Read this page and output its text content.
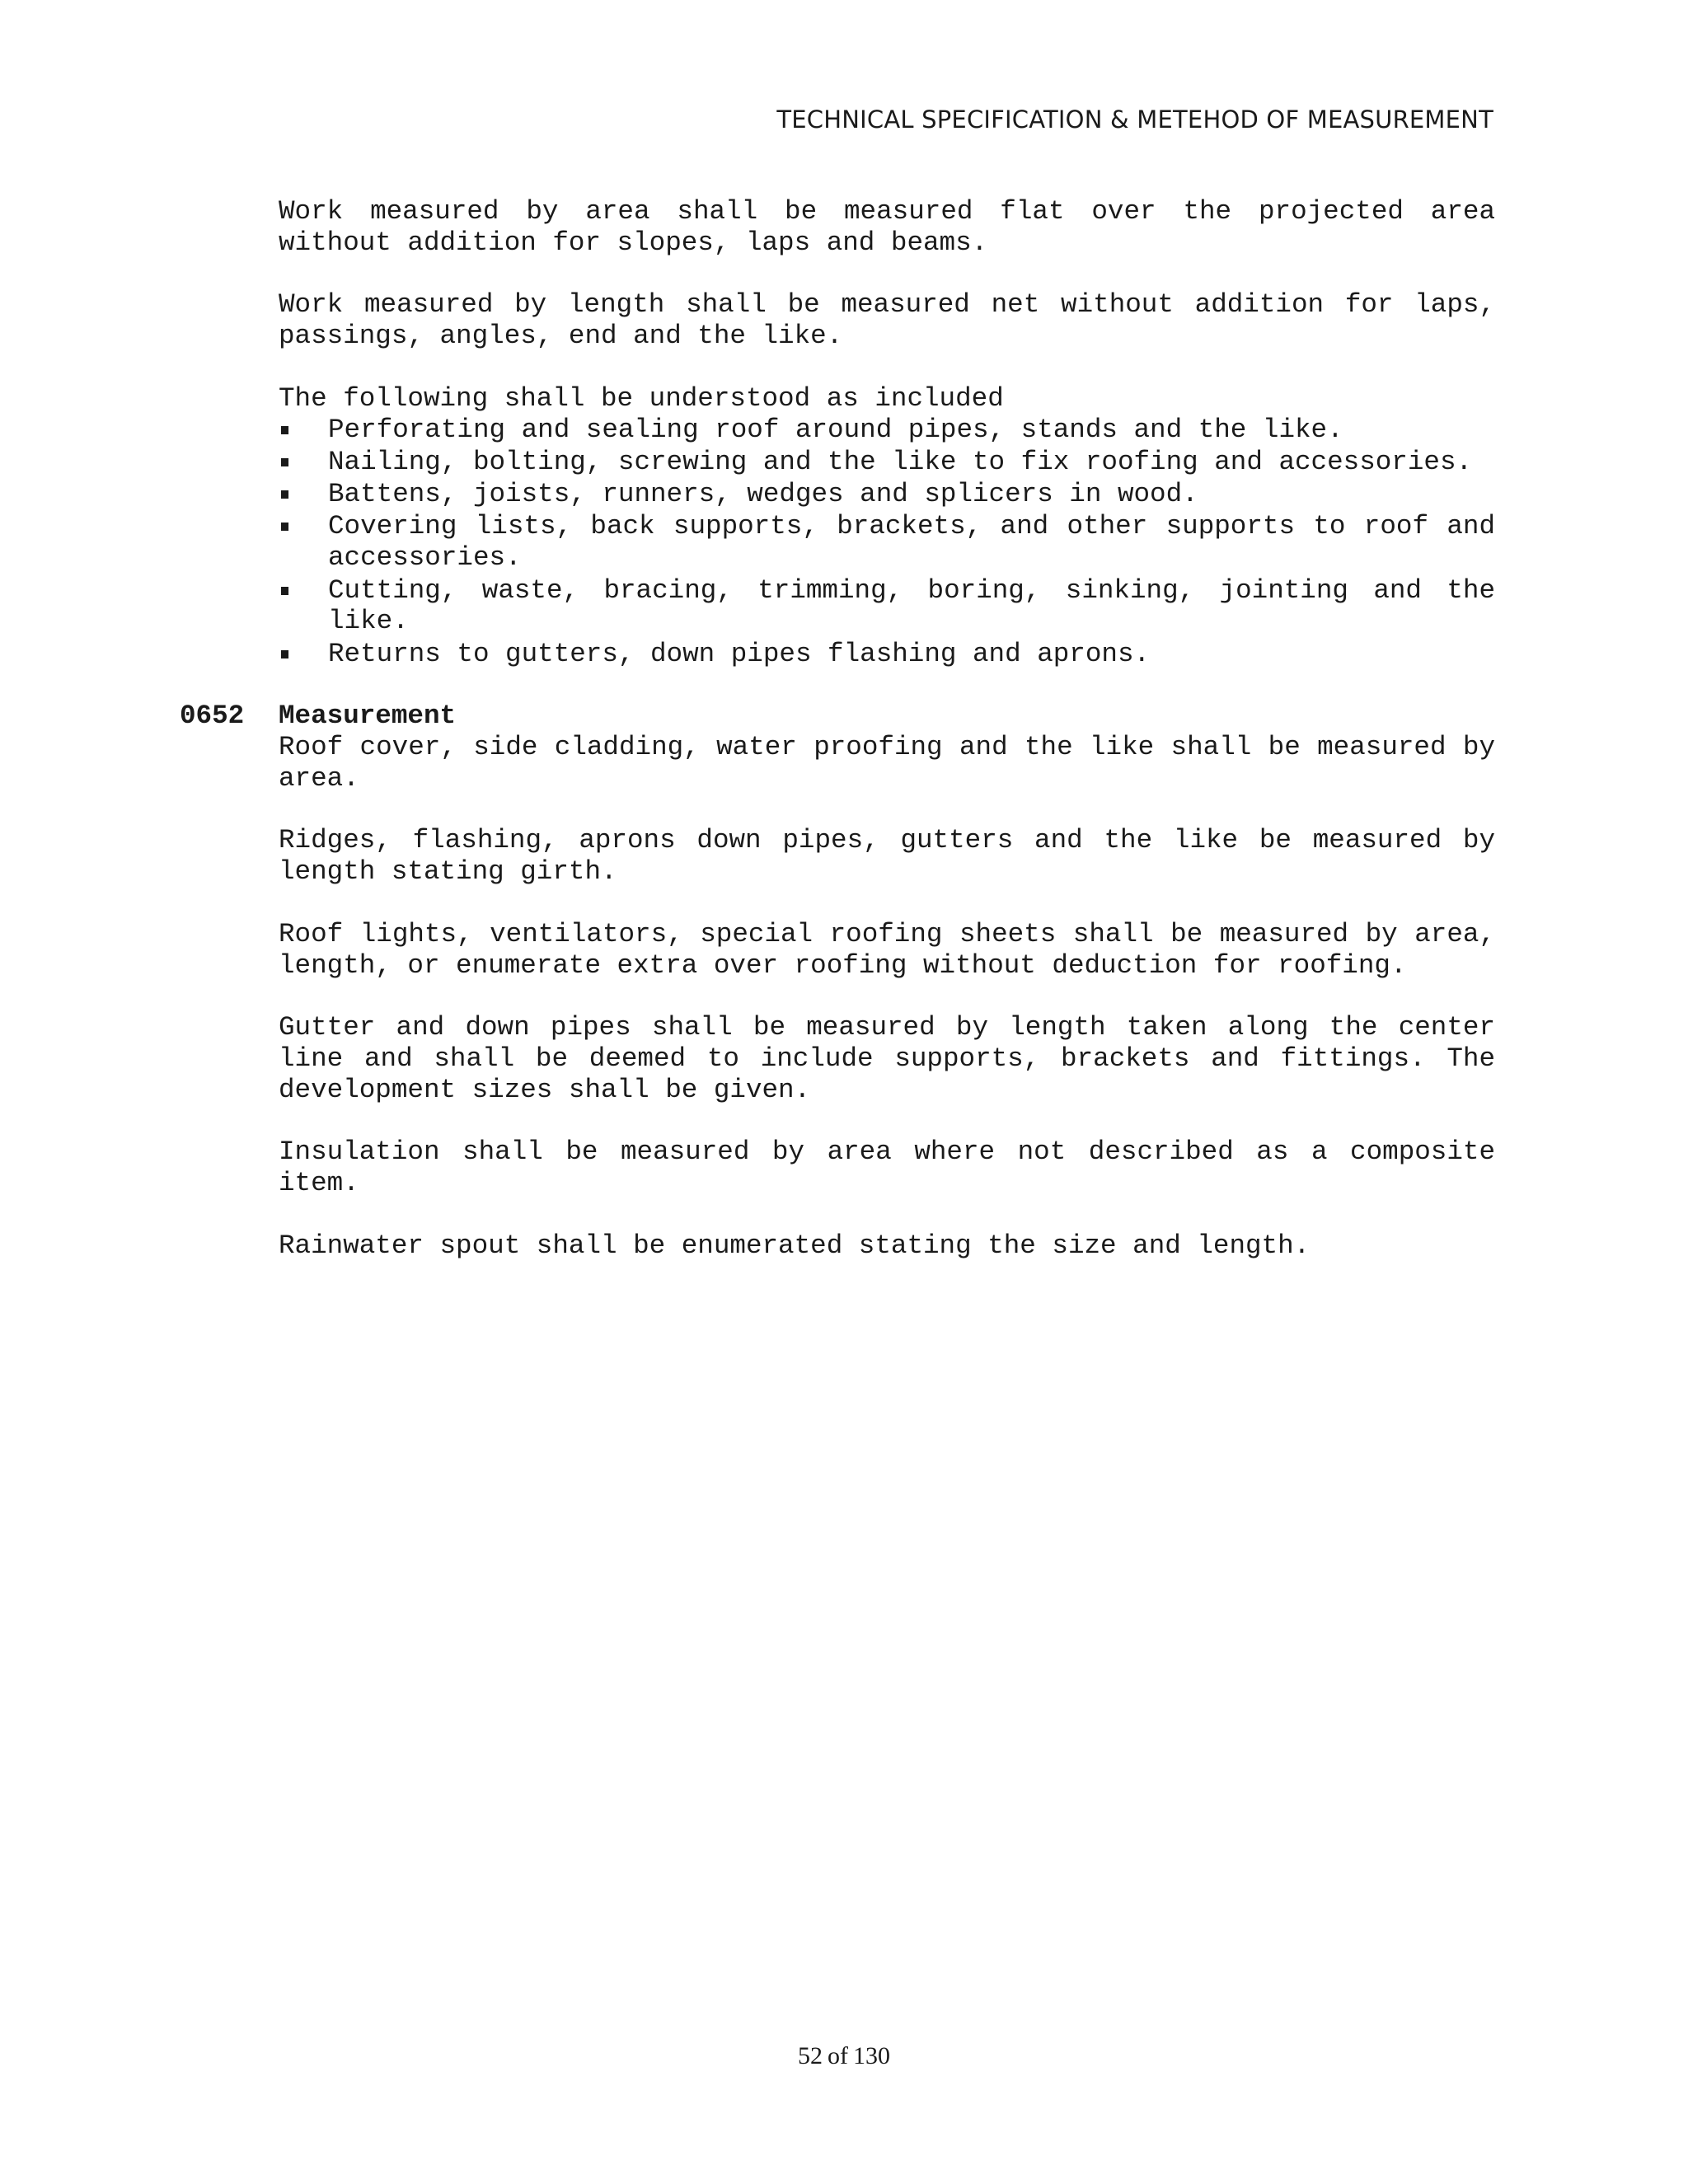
TECHNICAL SPECIFICATION & METEHOD OF MEASUREMENT

Work measured by area shall be measured flat over the projected area without addition for slopes, laps and beams.

Work measured by length shall be measured net without addition for laps, passings, angles, end and the like.

The following shall be understood as included

Perforating and sealing roof around pipes, stands and the like.
Nailing, bolting, screwing and the like to fix roofing and accessories.
Battens, joists, runners, wedges and splicers in wood.
Covering lists, back supports, brackets, and other supports to roof and accessories.
Cutting, waste, bracing, trimming, boring, sinking, jointing and the like.
Returns to gutters, down pipes flashing and aprons.
0652 Measurement

Roof cover, side cladding, water proofing and the like shall be measured by area.

Ridges, flashing, aprons down pipes, gutters and the like be measured by length stating girth.

Roof lights, ventilators, special roofing sheets shall be measured by area, length, or enumerate extra over roofing without deduction for roofing.

Gutter and down pipes shall be measured by length taken along the center line and shall be deemed to include supports, brackets and fittings. The development sizes shall be given.

Insulation shall be measured by area where not described as a composite item.

Rainwater spout shall be enumerated stating the size and length.

52 of 130
